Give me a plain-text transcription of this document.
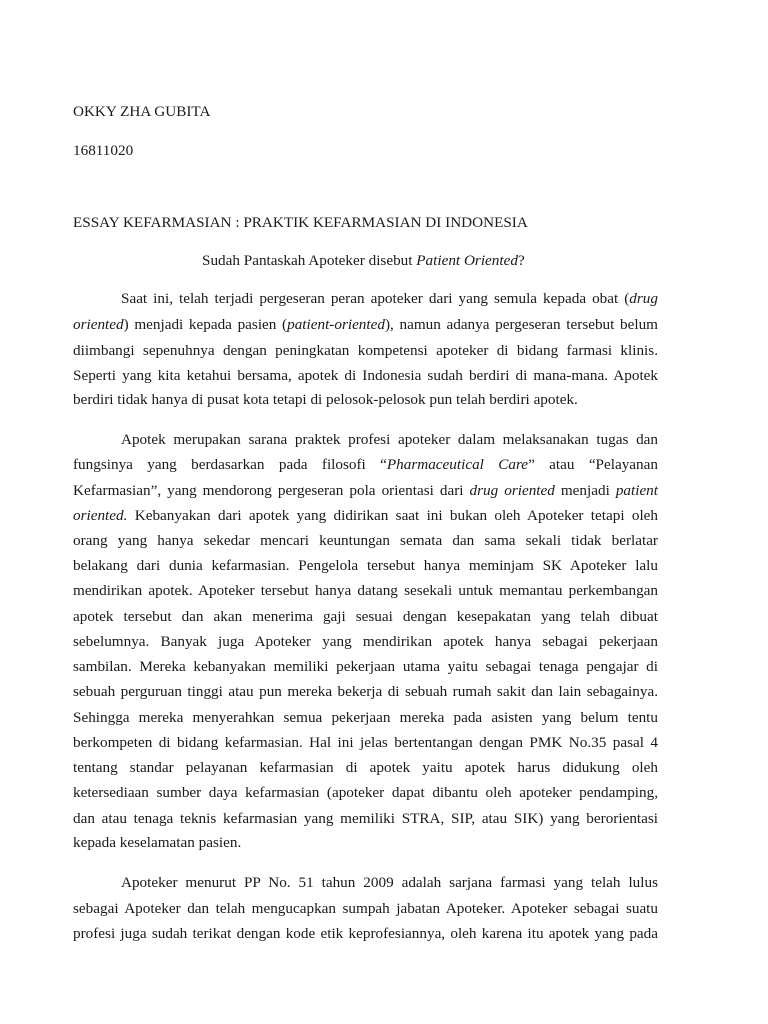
OKKY ZHA GUBITA
16811020
ESSAY KEFARMASIAN : PRAKTIK KEFARMASIAN DI INDONESIA
Sudah Pantaskah Apoteker disebut Patient Oriented?
Saat ini, telah terjadi pergeseran peran apoteker dari yang semula kepada obat (drug
oriented) menjadi kepada pasien (patient-oriented), namun adanya pergeseran tersebut belum
diimbangi sepenuhnya dengan peningkatan kompetensi apoteker di bidang farmasi klinis.
Seperti yang kita ketahui bersama, apotek di Indonesia sudah berdiri di mana-mana. Apotek
berdiri tidak hanya di pusat kota tetapi di pelosok-pelosok pun telah berdiri apotek.
Apotek merupakan sarana praktek profesi apoteker dalam melaksanakan tugas dan
fungsinya yang berdasarkan pada filosofi “Pharmaceutical Care” atau “Pelayanan
Kefarmasian”, yang mendorong pergeseran pola orientasi dari drug oriented menjadi patient
oriented. Kebanyakan dari apotek yang didirikan saat ini bukan oleh Apoteker tetapi oleh
orang yang hanya sekedar mencari keuntungan semata dan sama sekali tidak berlatar
belakang dari dunia kefarmasian. Pengelola tersebut hanya meminjam SK Apoteker lalu
mendirikan apotek. Apoteker tersebut hanya datang sesekali untuk memantau perkembangan
apotek tersebut dan akan menerima gaji sesuai dengan kesepakatan yang telah dibuat
sebelumnya. Banyak juga Apoteker yang mendirikan apotek hanya sebagai pekerjaan
sambilan. Mereka kebanyakan memiliki pekerjaan utama yaitu sebagai tenaga pengajar di
sebuah perguruan tinggi atau pun mereka bekerja di sebuah rumah sakit dan lain sebagainya.
Sehingga mereka menyerahkan semua pekerjaan mereka pada asisten yang belum tentu
berkompeten di bidang kefarmasian. Hal ini jelas bertentangan dengan PMK No.35 pasal 4
tentang standar pelayanan kefarmasian di apotek yaitu apotek harus didukung oleh
ketersediaan sumber daya kefarmasian (apoteker dapat dibantu oleh apoteker pendamping,
dan atau tenaga teknis kefarmasian yang memiliki STRA, SIP, atau SIK) yang berorientasi
kepada keselamatan pasien.
Apoteker menurut PP No. 51 tahun 2009 adalah sarjana farmasi yang telah lulus
sebagai Apoteker dan telah mengucapkan sumpah jabatan Apoteker. Apoteker sebagai suatu
profesi juga sudah terikat dengan kode etik keprofesiannya, oleh karena itu apotek yang pada
